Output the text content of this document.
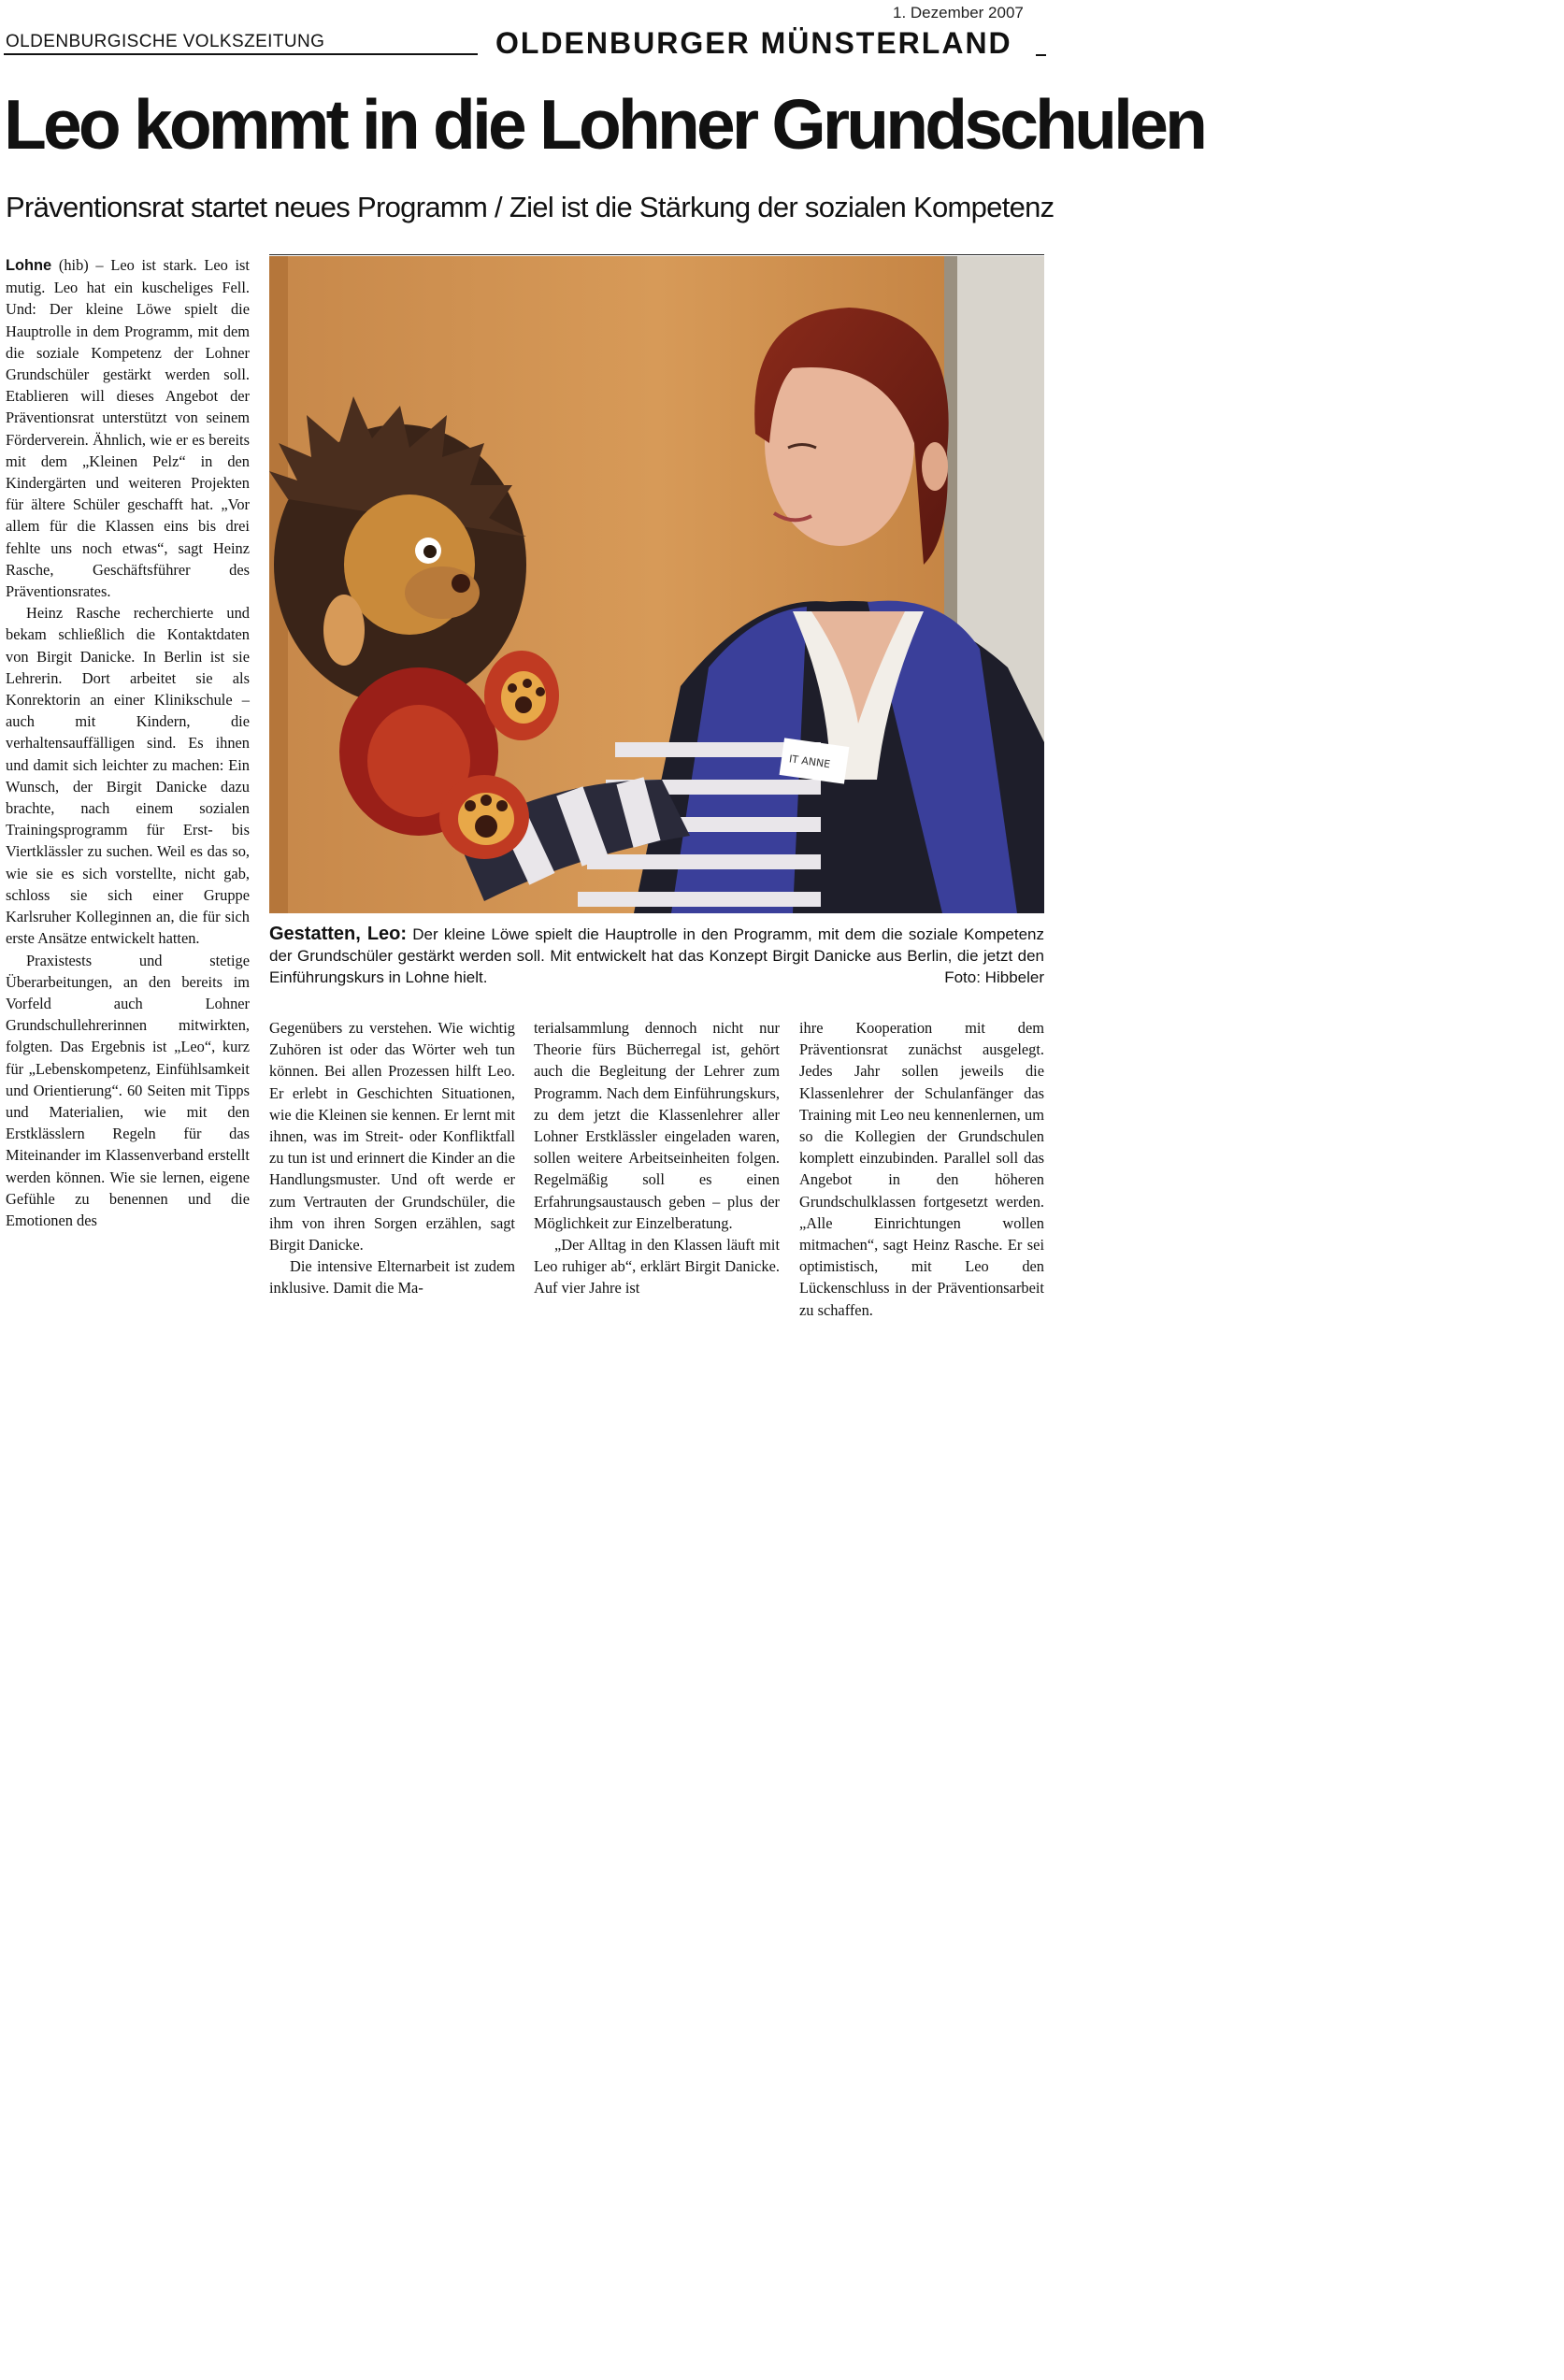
1. Dezember 2007
OLDENBURGISCHE VOLKSZEITUNG	OLDENBURGER MÜNSTERLAND
Leo kommt in die Lohner Grundschulen
Präventionsrat startet neues Programm / Ziel ist die Stärkung der sozialen Kompetenz

Lohne (hib) – Leo ist stark. Leo ist mutig. Leo hat ein kuscheliges Fell. Und: Der kleine Löwe spielt die Hauptrolle in dem Programm, mit dem die soziale Kompetenz der Lohner Grundschüler gestärkt werden soll. Etablieren will dieses Angebot der Präventionsrat unterstützt von seinem Förderverein. Ähnlich, wie er es bereits mit dem „Kleinen Pelz“ in den Kindergärten und weiteren Projekten für ältere Schüler geschafft hat. „Vor allem für die Klassen eins bis drei fehlte uns noch etwas“, sagt Heinz Rasche, Geschäftsführer des Präventionsrates.

Heinz Rasche recherchierte und bekam schließlich die Kontaktdaten von Birgit Danicke. In Berlin ist sie Lehrerin. Dort arbeitet sie als Konrektorin an einer Klinikschule – auch mit Kindern, die verhaltensauffälligen sind. Es ihnen und damit sich leichter zu machen: Ein Wunsch, der Birgit Danicke dazu brachte, nach einem sozialen Trainingsprogramm für Erst- bis Viertklässler zu suchen. Weil es das so, wie sie es sich vorstellte, nicht gab, schloss sie sich einer Gruppe Karlsruher Kolleginnen an, die für sich erste Ansätze entwickelt hatten.

Praxistests und stetige Überarbeitungen, an den bereits im Vorfeld auch Lohner Grundschullehrerinnen mitwirkten, folgten. Das Ergebnis ist „Leo“, kurz für „Lebenskompetenz, Einfühlsamkeit und Orientierung“. 60 Seiten mit Tipps und Materialien, wie mit den Erstklässlern Regeln für das Miteinander im Klassenverband erstellt werden können. Wie sie lernen, eigene Gefühle zu benennen und die Emotionen des

IT ANNE
Gestatten, Leo: Der kleine Löwe spielt die Hauptrolle in den Programm, mit dem die soziale Kompetenz der Grundschüler gestärkt werden soll. Mit entwickelt hat das Konzept Birgit Danicke aus Berlin, die jetzt den Einführungskurs in Lohne hielt.	Foto: Hibbeler

Gegenübers zu verstehen. Wie wichtig Zuhören ist oder das Wörter weh tun können. Bei allen Prozessen hilft Leo. Er erlebt in Geschichten Situationen, wie die Kleinen sie kennen. Er lernt mit ihnen, was im Streit- oder Konfliktfall zu tun ist und erinnert die Kinder an die Handlungsmuster. Und oft werde er zum Vertrauten der Grundschüler, die ihm von ihren Sorgen erzählen, sagt Birgit Danicke.

Die intensive Elternarbeit ist zudem inklusive. Damit die Ma-

terialsammlung dennoch nicht nur Theorie fürs Bücherregal ist, gehört auch die Begleitung der Lehrer zum Programm. Nach dem Einführungskurs, zu dem jetzt die Klassenlehrer aller Lohner Erstklässler eingeladen waren, sollen weitere Arbeitseinheiten folgen. Regelmäßig soll es einen Erfahrungsaustausch geben – plus der Möglichkeit zur Einzelberatung.

„Der Alltag in den Klassen läuft mit Leo ruhiger ab“, erklärt Birgit Danicke. Auf vier Jahre ist

ihre Kooperation mit dem Präventionsrat zunächst ausgelegt. Jedes Jahr sollen jeweils die Klassenlehrer der Schulanfänger das Training mit Leo neu kennenlernen, um so die Kollegien der Grundschulen komplett einzubinden. Parallel soll das Angebot in den höheren Grundschulklassen fortgesetzt werden. „Alle Einrichtungen wollen mitmachen“, sagt Heinz Rasche. Er sei optimistisch, mit Leo den Lückenschluss in der Präventionsarbeit zu schaffen.
